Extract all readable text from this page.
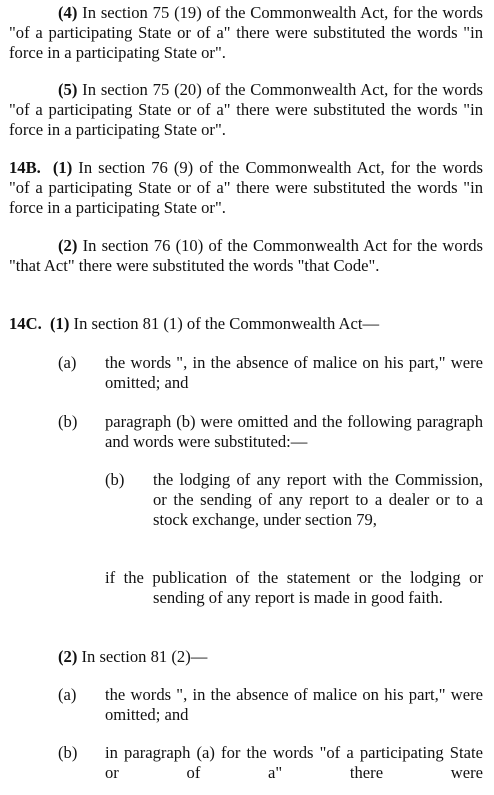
(4) In section 75 (19) of the Commonwealth Act, for the words "of a participating State or of a" there were substituted the words "in force in a participating State or".
(5) In section 75 (20) of the Commonwealth Act, for the words "of a participating State or of a" there were substituted the words "in force in a participating State or".
14B. (1) In section 76 (9) of the Commonwealth Act, for the words "of a participating State or of a" there were substituted the words "in force in a participating State or".
(2) In section 76 (10) of the Commonwealth Act for the words "that Act" there were substituted the words "that Code".
14C. (1) In section 81 (1) of the Commonwealth Act—
(a) the words ", in the absence of malice on his part," were omitted; and
(b) paragraph (b) were omitted and the following paragraph and words were substituted:—
(b) the lodging of any report with the Commission, or the sending of any report to a dealer or to a stock exchange, under section 79,
if the publication of the statement or the lodging or sending of any report is made in good faith.
(2) In section 81 (2)—
(a) the words ", in the absence of malice on his part," were omitted; and
(b) in paragraph (a) for the words "of a participating State or of a" there were
